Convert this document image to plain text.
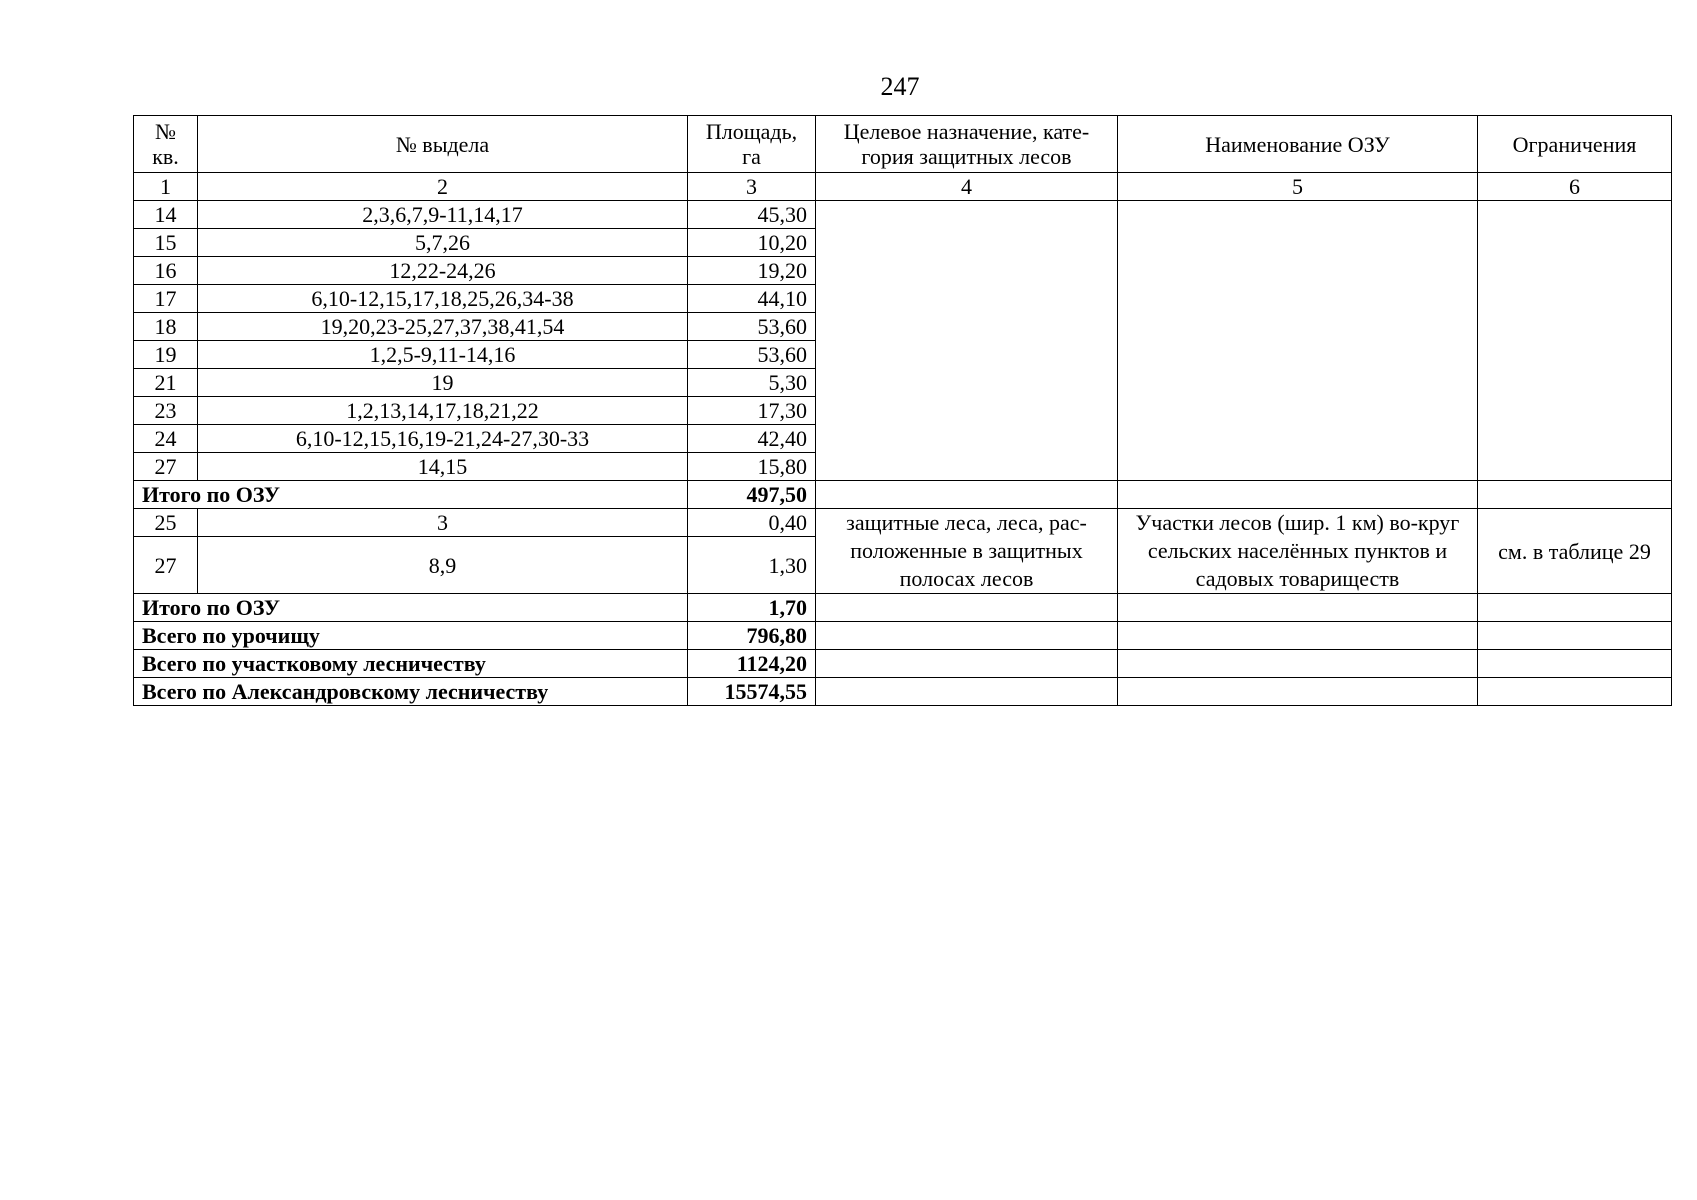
247
№ кв.	№ выдела	Площадь, га	Целевое назначение, кате-гория защитных лесов	Наименование ОЗУ	Ограничения
1	2	3	4	5	6
14	2,3,6,7,9-11,14,17	45,30			
15	5,7,26	10,20			
16	12,22-24,26	19,20			
17	6,10-12,15,17,18,25,26,34-38	44,10			
18	19,20,23-25,27,37,38,41,54	53,60			
19	1,2,5-9,11-14,16	53,60			
21	19	5,30			
23	1,2,13,14,17,18,21,22	17,30			
24	6,10-12,15,16,19-21,24-27,30-33	42,40			
27	14,15	15,80			
Итого по ОЗУ		497,50			
25	3	0,40	защитные леса, леса, рас-положенные в защитных полосах лесов	Участки лесов (шир. 1 км) во-круг сельских населённых пунктов и садовых товариществ	см. в таблице 29
27	8,9	1,30			
Итого по ОЗУ		1,70			
Всего по урочищу		796,80			
Всего по участковому лесничеству		1124,20			
Всего по Александровскому лесничеству		15574,55			
